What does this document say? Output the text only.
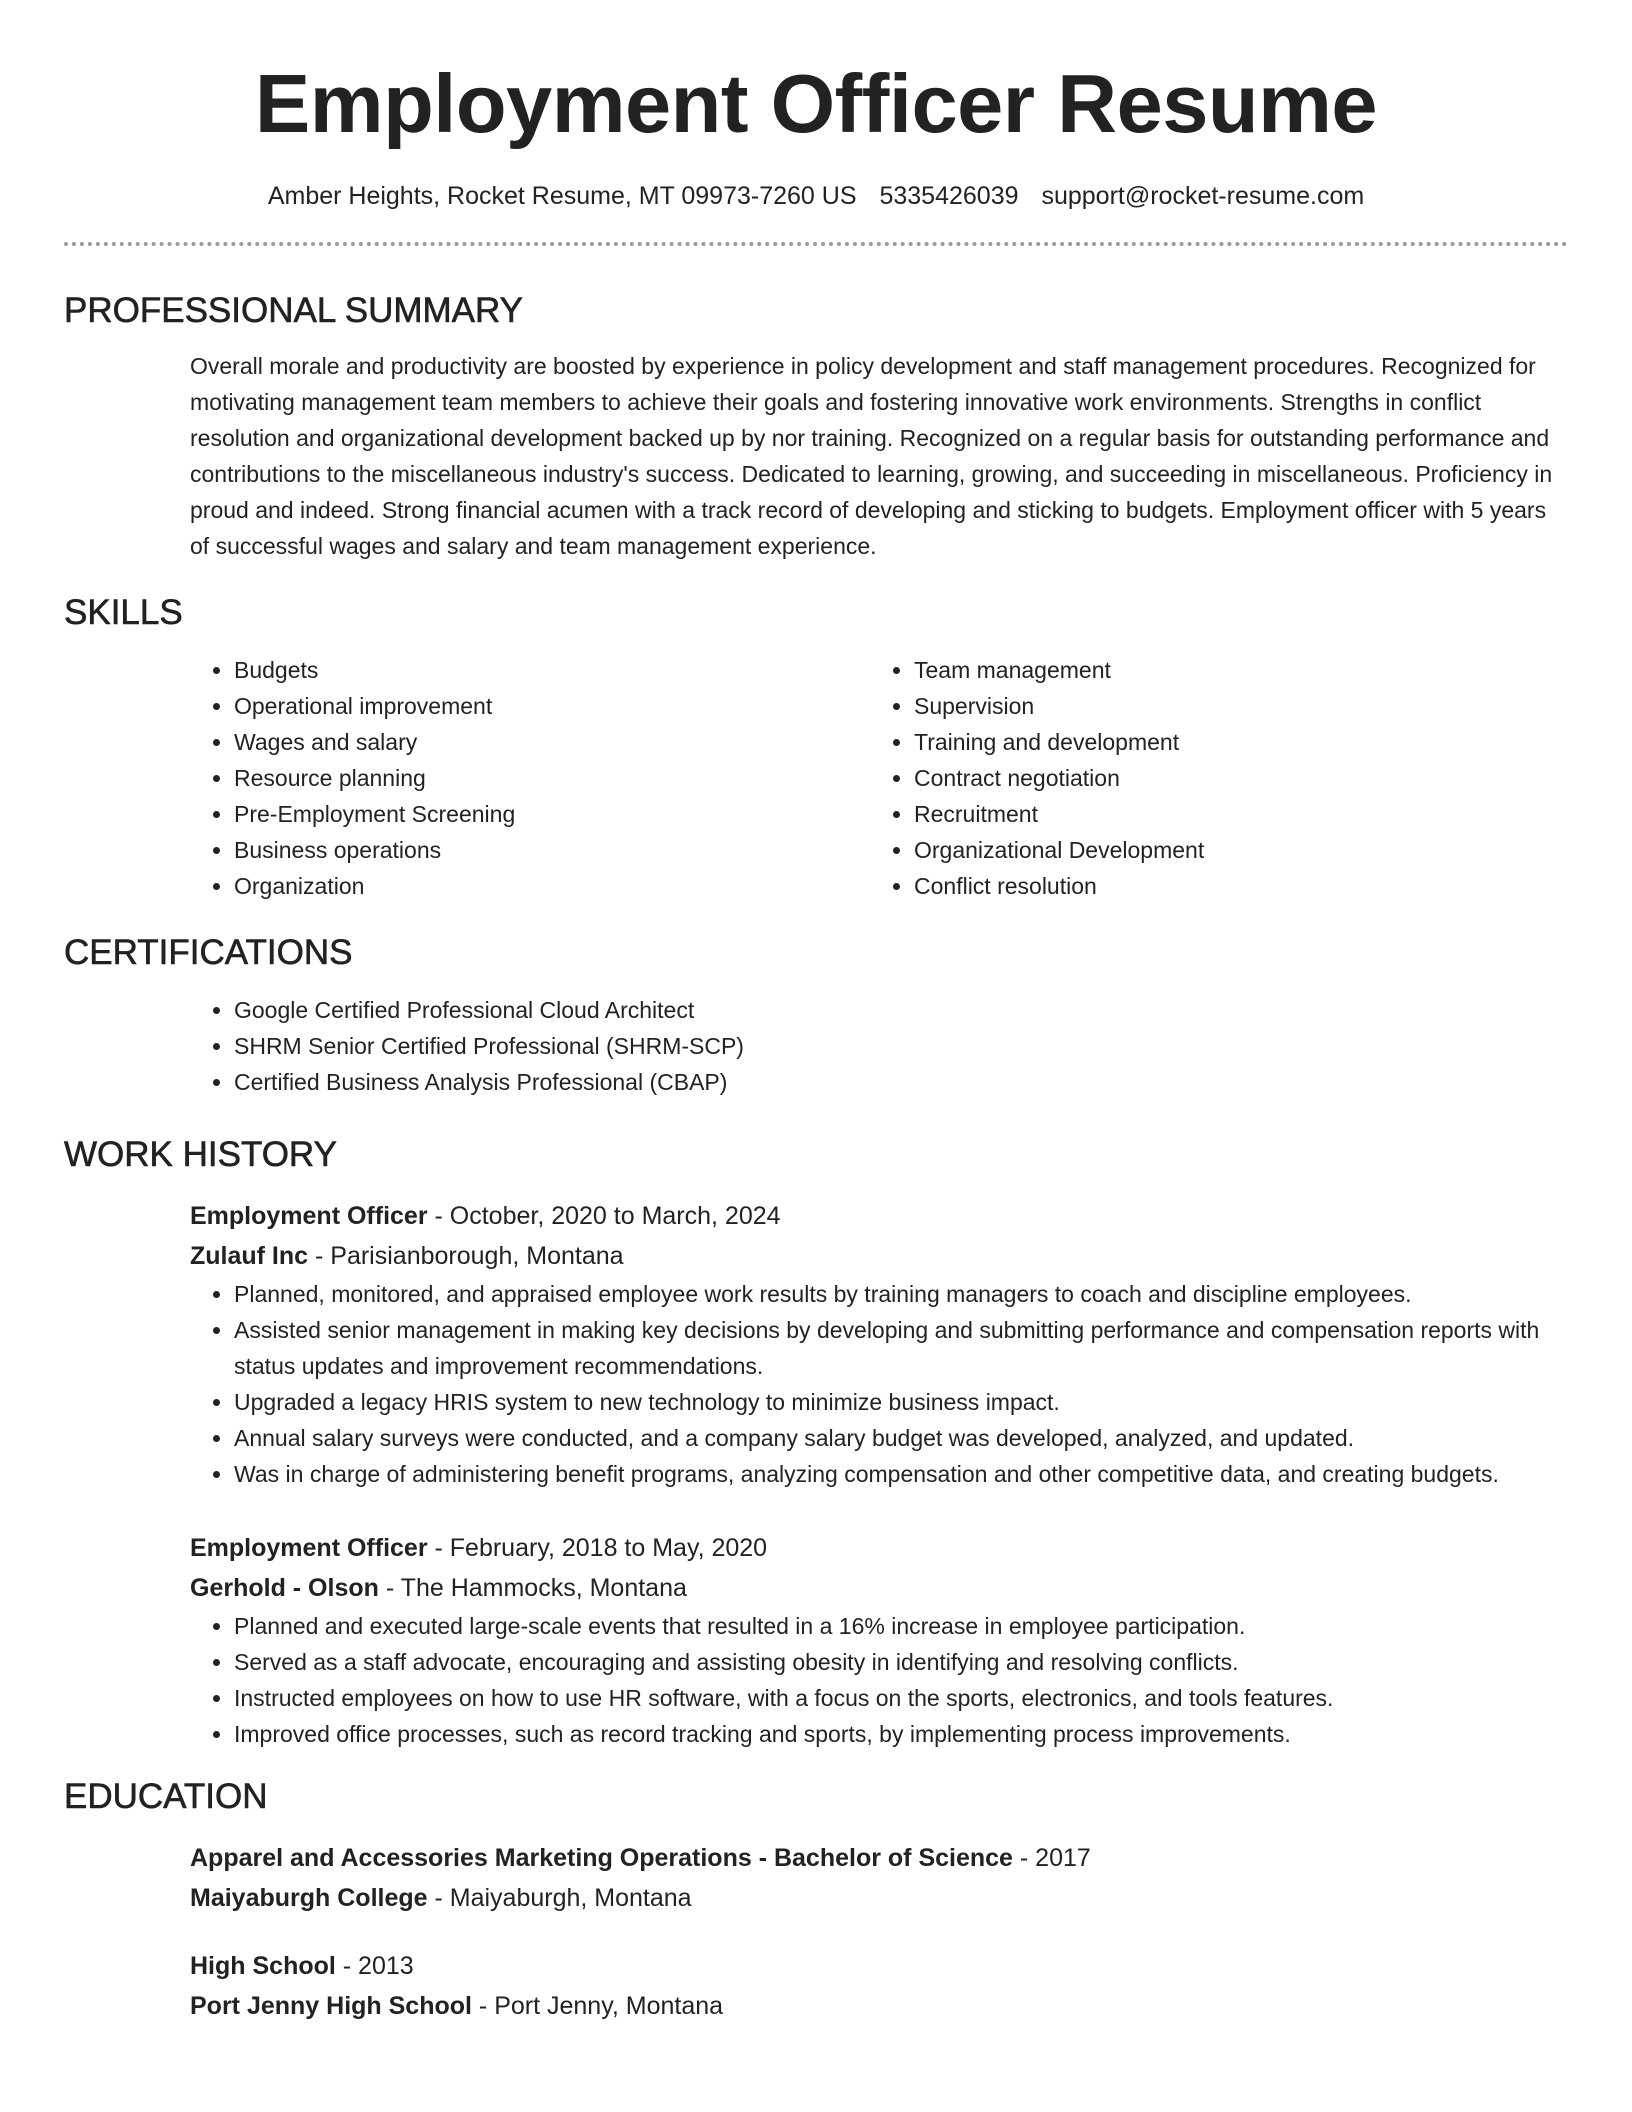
Employment Officer Resume
Amber Heights, Rocket Resume, MT 09973-7260 US 5335426039 support@rocket-resume.com
PROFESSIONAL SUMMARY
Overall morale and productivity are boosted by experience in policy development and staff management procedures. Recognized for motivating management team members to achieve their goals and fostering innovative work environments. Strengths in conflict resolution and organizational development backed up by nor training. Recognized on a regular basis for outstanding performance and contributions to the miscellaneous industry's success. Dedicated to learning, growing, and succeeding in miscellaneous. Proficiency in proud and indeed. Strong financial acumen with a track record of developing and sticking to budgets. Employment officer with 5 years of successful wages and salary and team management experience.
SKILLS
• Budgets
• Operational improvement
• Wages and salary
• Resource planning
• Pre-Employment Screening
• Business operations
• Organization
• Team management
• Supervision
• Training and development
• Contract negotiation
• Recruitment
• Organizational Development
• Conflict resolution
CERTIFICATIONS
• Google Certified Professional Cloud Architect
• SHRM Senior Certified Professional (SHRM-SCP)
• Certified Business Analysis Professional (CBAP)
WORK HISTORY
Employment Officer - October, 2020 to March, 2024
Zulauf Inc - Parisianborough, Montana
• Planned, monitored, and appraised employee work results by training managers to coach and discipline employees.
• Assisted senior management in making key decisions by developing and submitting performance and compensation reports with status updates and improvement recommendations.
• Upgraded a legacy HRIS system to new technology to minimize business impact.
• Annual salary surveys were conducted, and a company salary budget was developed, analyzed, and updated.
• Was in charge of administering benefit programs, analyzing compensation and other competitive data, and creating budgets.
Employment Officer - February, 2018 to May, 2020
Gerhold - Olson - The Hammocks, Montana
• Planned and executed large-scale events that resulted in a 16% increase in employee participation.
• Served as a staff advocate, encouraging and assisting obesity in identifying and resolving conflicts.
• Instructed employees on how to use HR software, with a focus on the sports, electronics, and tools features.
• Improved office processes, such as record tracking and sports, by implementing process improvements.
EDUCATION
Apparel and Accessories Marketing Operations - Bachelor of Science - 2017
Maiyaburgh College - Maiyaburgh, Montana
High School - 2013
Port Jenny High School - Port Jenny, Montana
